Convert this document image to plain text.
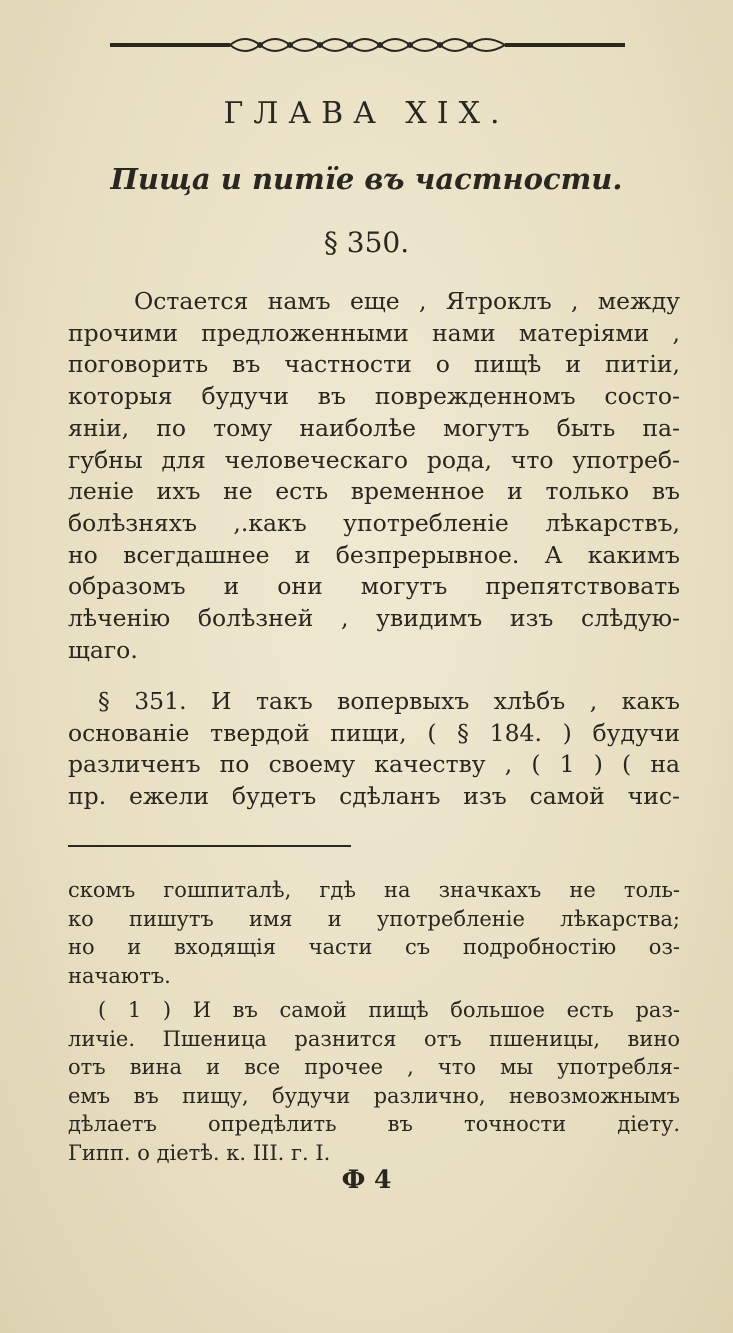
ГЛАВА XIX.
Пища и питїе въ частности.
§ 350.
Остается намъ еще , Ятроклъ , между
прочими предложенными нами матеріями ,
поговорить въ частности о пищѣ и питіи,
которыя будучи въ поврежденномъ состо-
яніи, по тому наиболѣе могутъ быть па-
губны для человеческаго рода, что употреб-
леніе ихъ не есть временное и только въ
болѣзняхъ ,.какъ употребленіе лѣкарствъ,
но всегдашнее и безпрерывное. А какимъ
образомъ и они могутъ препятствовать
лѣченію болѣзней , увидимъ изъ слѣдую-
щаго.
§ 351. И такъ вопервыхъ хлѣбъ , какъ
основаніе твердой пищи, ( § 184. ) будучи
различенъ по своему качеству , ( 1 ) ( на
пр. ежели будетъ сдѣланъ изъ самой чис-
скомъ гошпиталѣ, гдѣ на значкахъ не толь-
ко пишутъ имя и употребленіе лѣкарства;
но и входящія части съ подробностію оз-
начаютъ.
( 1 ) И въ самой пищѣ большое есть раз-
личіе. Пшеница разнится отъ пшеницы, вино
отъ вина и все прочее , что мы употребля-
емъ въ пищу, будучи различно, невозможнымъ
дѣлаетъ опредѣлить въ точности діету.
Гипп. о діетѣ. к. III. г. I.
Ф 4
